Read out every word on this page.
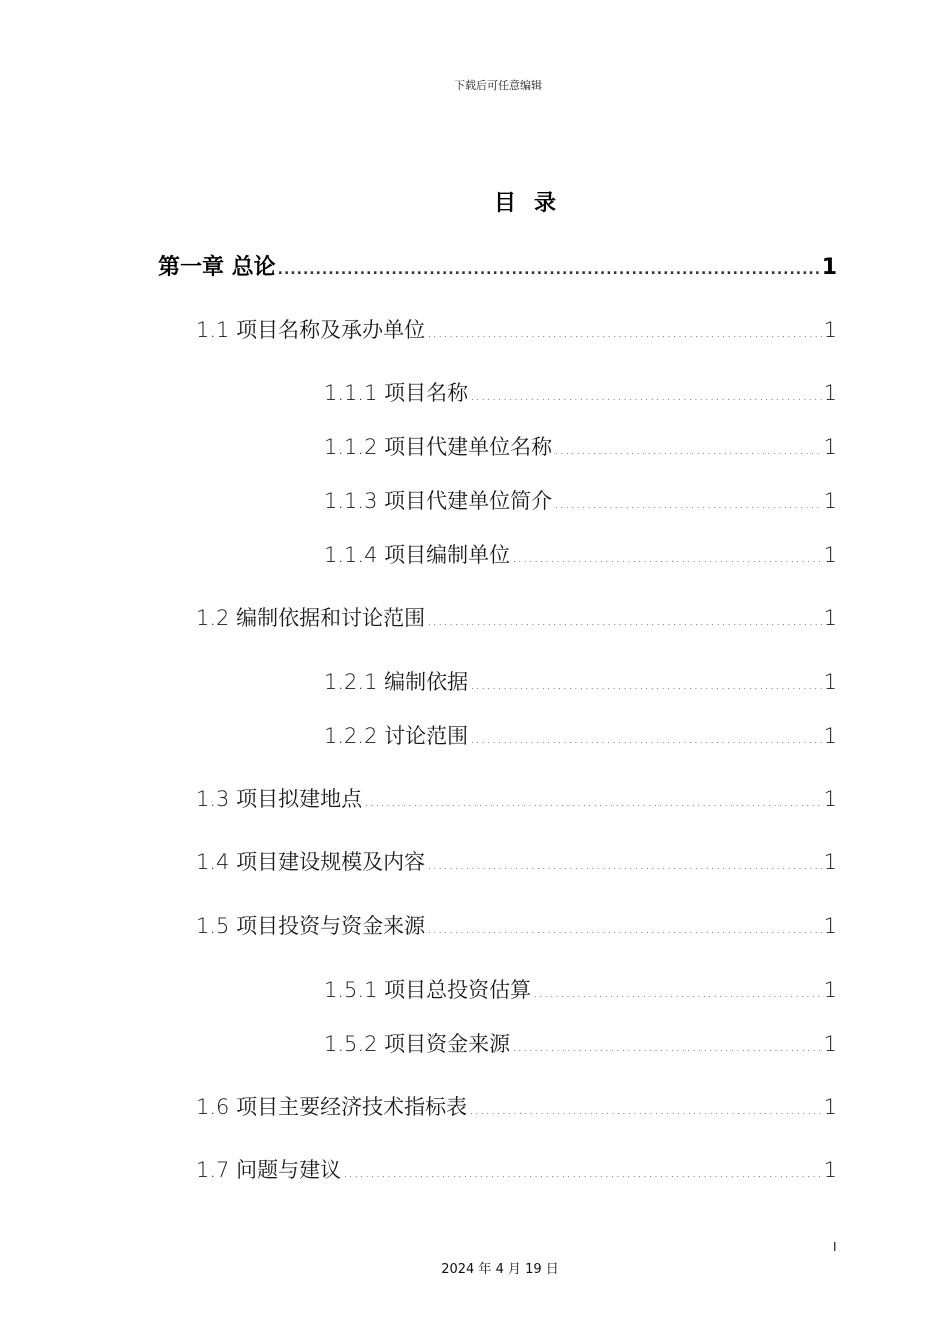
下载后可任意编辑
目录
第一章 总论 .....	1
1.1 项目名称及承办单位 .....	1
1.1.1 项目名称 .....	1
1.1.2 项目代建单位名称 .....	1
1.1.3 项目代建单位简介 .....	1
1.1.4 项目编制单位 .....	1
1.2 编制依据和讨论范围 .....	1
1.2.1 编制依据 .....	1
1.2.2 讨论范围 .....	1
1.3 项目拟建地点 .....	1
1.4 项目建设规模及内容 .....	1
1.5 项目投资与资金来源 .....	1
1.5.1 项目总投资估算 .....	1
1.5.2 项目资金来源 .....	1
1.6 项目主要经济技术指标表 .....	1
1.7 问题与建议 .....	1
I
2024 年 4 月 19 日
